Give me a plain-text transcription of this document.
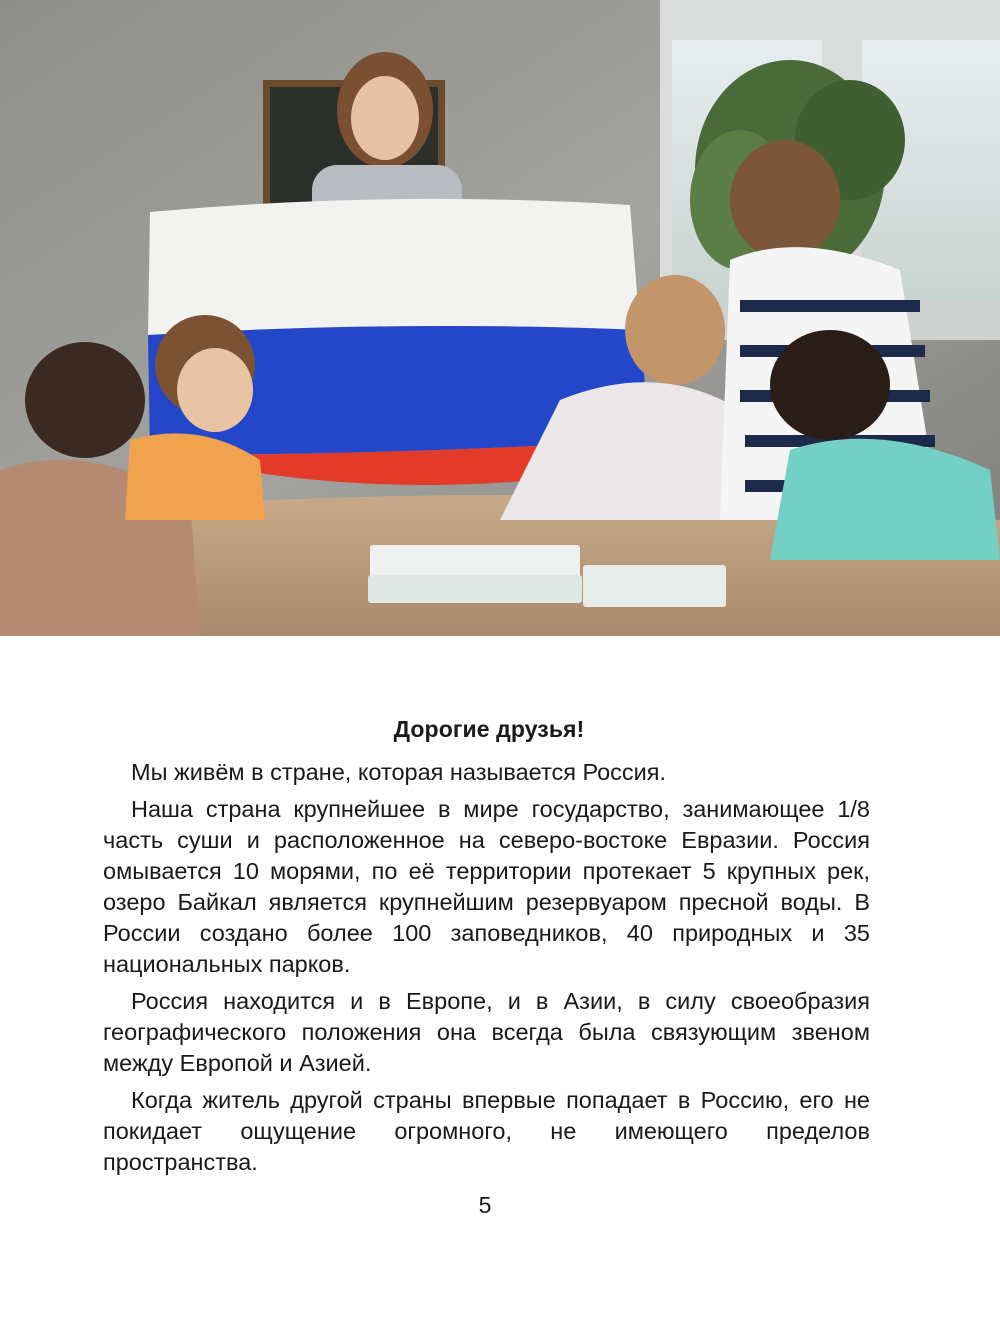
Дорогие друзья!

Мы живём в стране, которая называется Россия.

Наша страна крупнейшее в мире государство, занимающее 1/8 часть суши и расположенное на северо-востоке Евразии. Россия омывается 10 морями, по её территории протекает 5 крупных рек, озеро Байкал является крупнейшим резервуаром пресной воды. В России создано более 100 заповедников, 40 природных и 35 национальных парков.

Россия находится и в Европе, и в Азии, в силу своеобразия географического положения она всегда была связующим звеном между Европой и Азией.

Когда житель другой страны впервые попадает в Россию, его не покидает ощущение огромного, не имеющего пределов пространства.

5
